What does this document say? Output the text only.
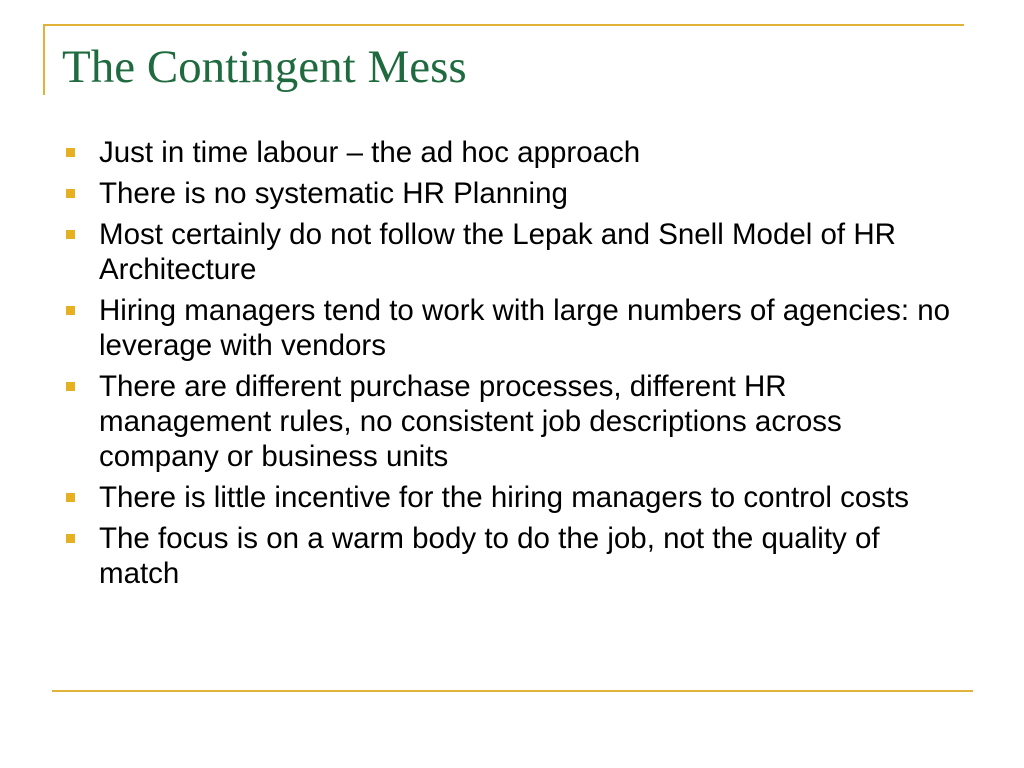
The Contingent Mess
Just in time labour – the ad hoc approach
There is no systematic HR Planning
Most certainly do not follow the Lepak and Snell Model of HR Architecture
Hiring managers tend to work with large numbers of agencies: no leverage with vendors
There are different purchase processes, different HR management rules, no consistent job descriptions across company or business units
There is little incentive for the hiring managers to control costs
The focus is on a warm body to do the job, not the quality of match
